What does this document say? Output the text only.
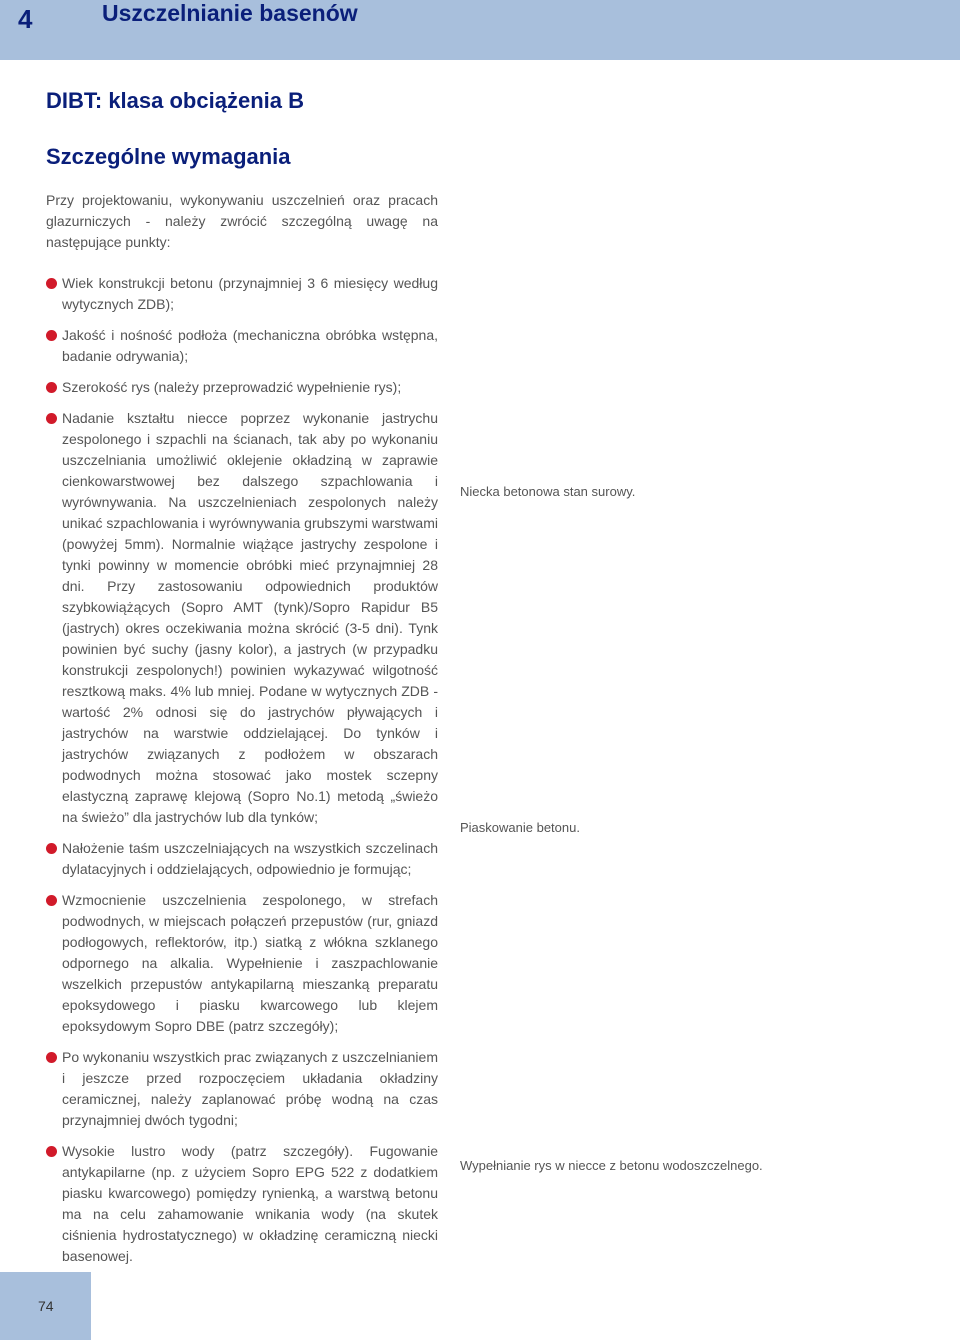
4	Uszczelnianie basenów
DIBT: klasa obciążenia B
Szczególne wymagania
Przy projektowaniu, wykonywaniu uszczelnień oraz pracach glazurniczych - należy zwrócić szczególną uwagę na następujące punkty:
Wiek konstrukcji betonu (przynajmniej 3 6 miesięcy według wytycznych ZDB);
Jakość i nośność podłoża (mechaniczna obróbka wstępna, badanie odrywania);
Szerokość rys (należy przeprowadzić wypełnienie rys);
Nadanie kształtu niecce poprzez wykonanie jastrychu zespolonego i szpachli na ścianach, tak aby po wykonaniu uszczelniania umożliwić oklejenie okładziną w zaprawie cienkowarstwowej bez dalszego szpachlowania i wyrównywania. Na uszczelnieniach zespolonych należy unikać szpachlowania i wyrównywania grubszymi warstwami (powyżej 5mm). Normalnie wiążące jastrychy zespolone i tynki powinny w momencie obróbki mieć przynajmniej 28 dni. Przy zastosowaniu odpowiednich produktów szybkowiążących (Sopro AMT (tynk)/Sopro Rapidur B5 (jastrych) okres oczekiwania można skrócić (3-5 dni). Tynk powinien być suchy (jasny kolor), a jastrych (w przypadku konstrukcji zespolonych!) powinien wykazywać wilgotność resztkową maks. 4% lub mniej. Podane w wytycznych ZDB - wartość 2% odnosi się do jastrychów pływających i jastrychów na warstwie oddzielającej. Do tynków i jastrychów związanych z podłożem w obszarach podwodnych można stosować jako mostek sczepny elastyczną zaprawę klejową (Sopro No.1) metodą „świeżo na świeżo” dla jastrychów lub dla tynków;
Nałożenie taśm uszczelniających na wszystkich szczelinach dylatacyjnych i oddzielających, odpowiednio je formując;
Wzmocnienie uszczelnienia zespolonego, w strefach podwodnych, w miejscach połączeń przepustów (rur, gniazd podłogowych, reflektorów, itp.) siatką z włókna szklanego odpornego na alkalia. Wypełnienie i zaszpachlowanie wszelkich przepustów antykapilarną mieszanką preparatu epoksydowego i piasku kwarcowego lub klejem epoksydowym Sopro DBE (patrz szczegóły);
Po wykonaniu wszystkich prac związanych z uszczelnianiem i jeszcze przed rozpoczęciem układania okładziny ceramicznej, należy zaplanować próbę wodną na czas przynajmniej dwóch tygodni;
Wysokie lustro wody (patrz szczegóły). Fugowanie antykapilarne (np. z użyciem Sopro EPG 522 z dodatkiem piasku kwarcowego) pomiędzy rynienką, a warstwą betonu ma na celu zahamowanie wnikania wody (na skutek ciśnienia hydrostatycznego) w okładzinę ceramiczną niecki basenowej.
Niecka betonowa stan surowy.
Piaskowanie betonu.
Wypełnianie rys w niecce z betonu wodoszczelnego.
74
